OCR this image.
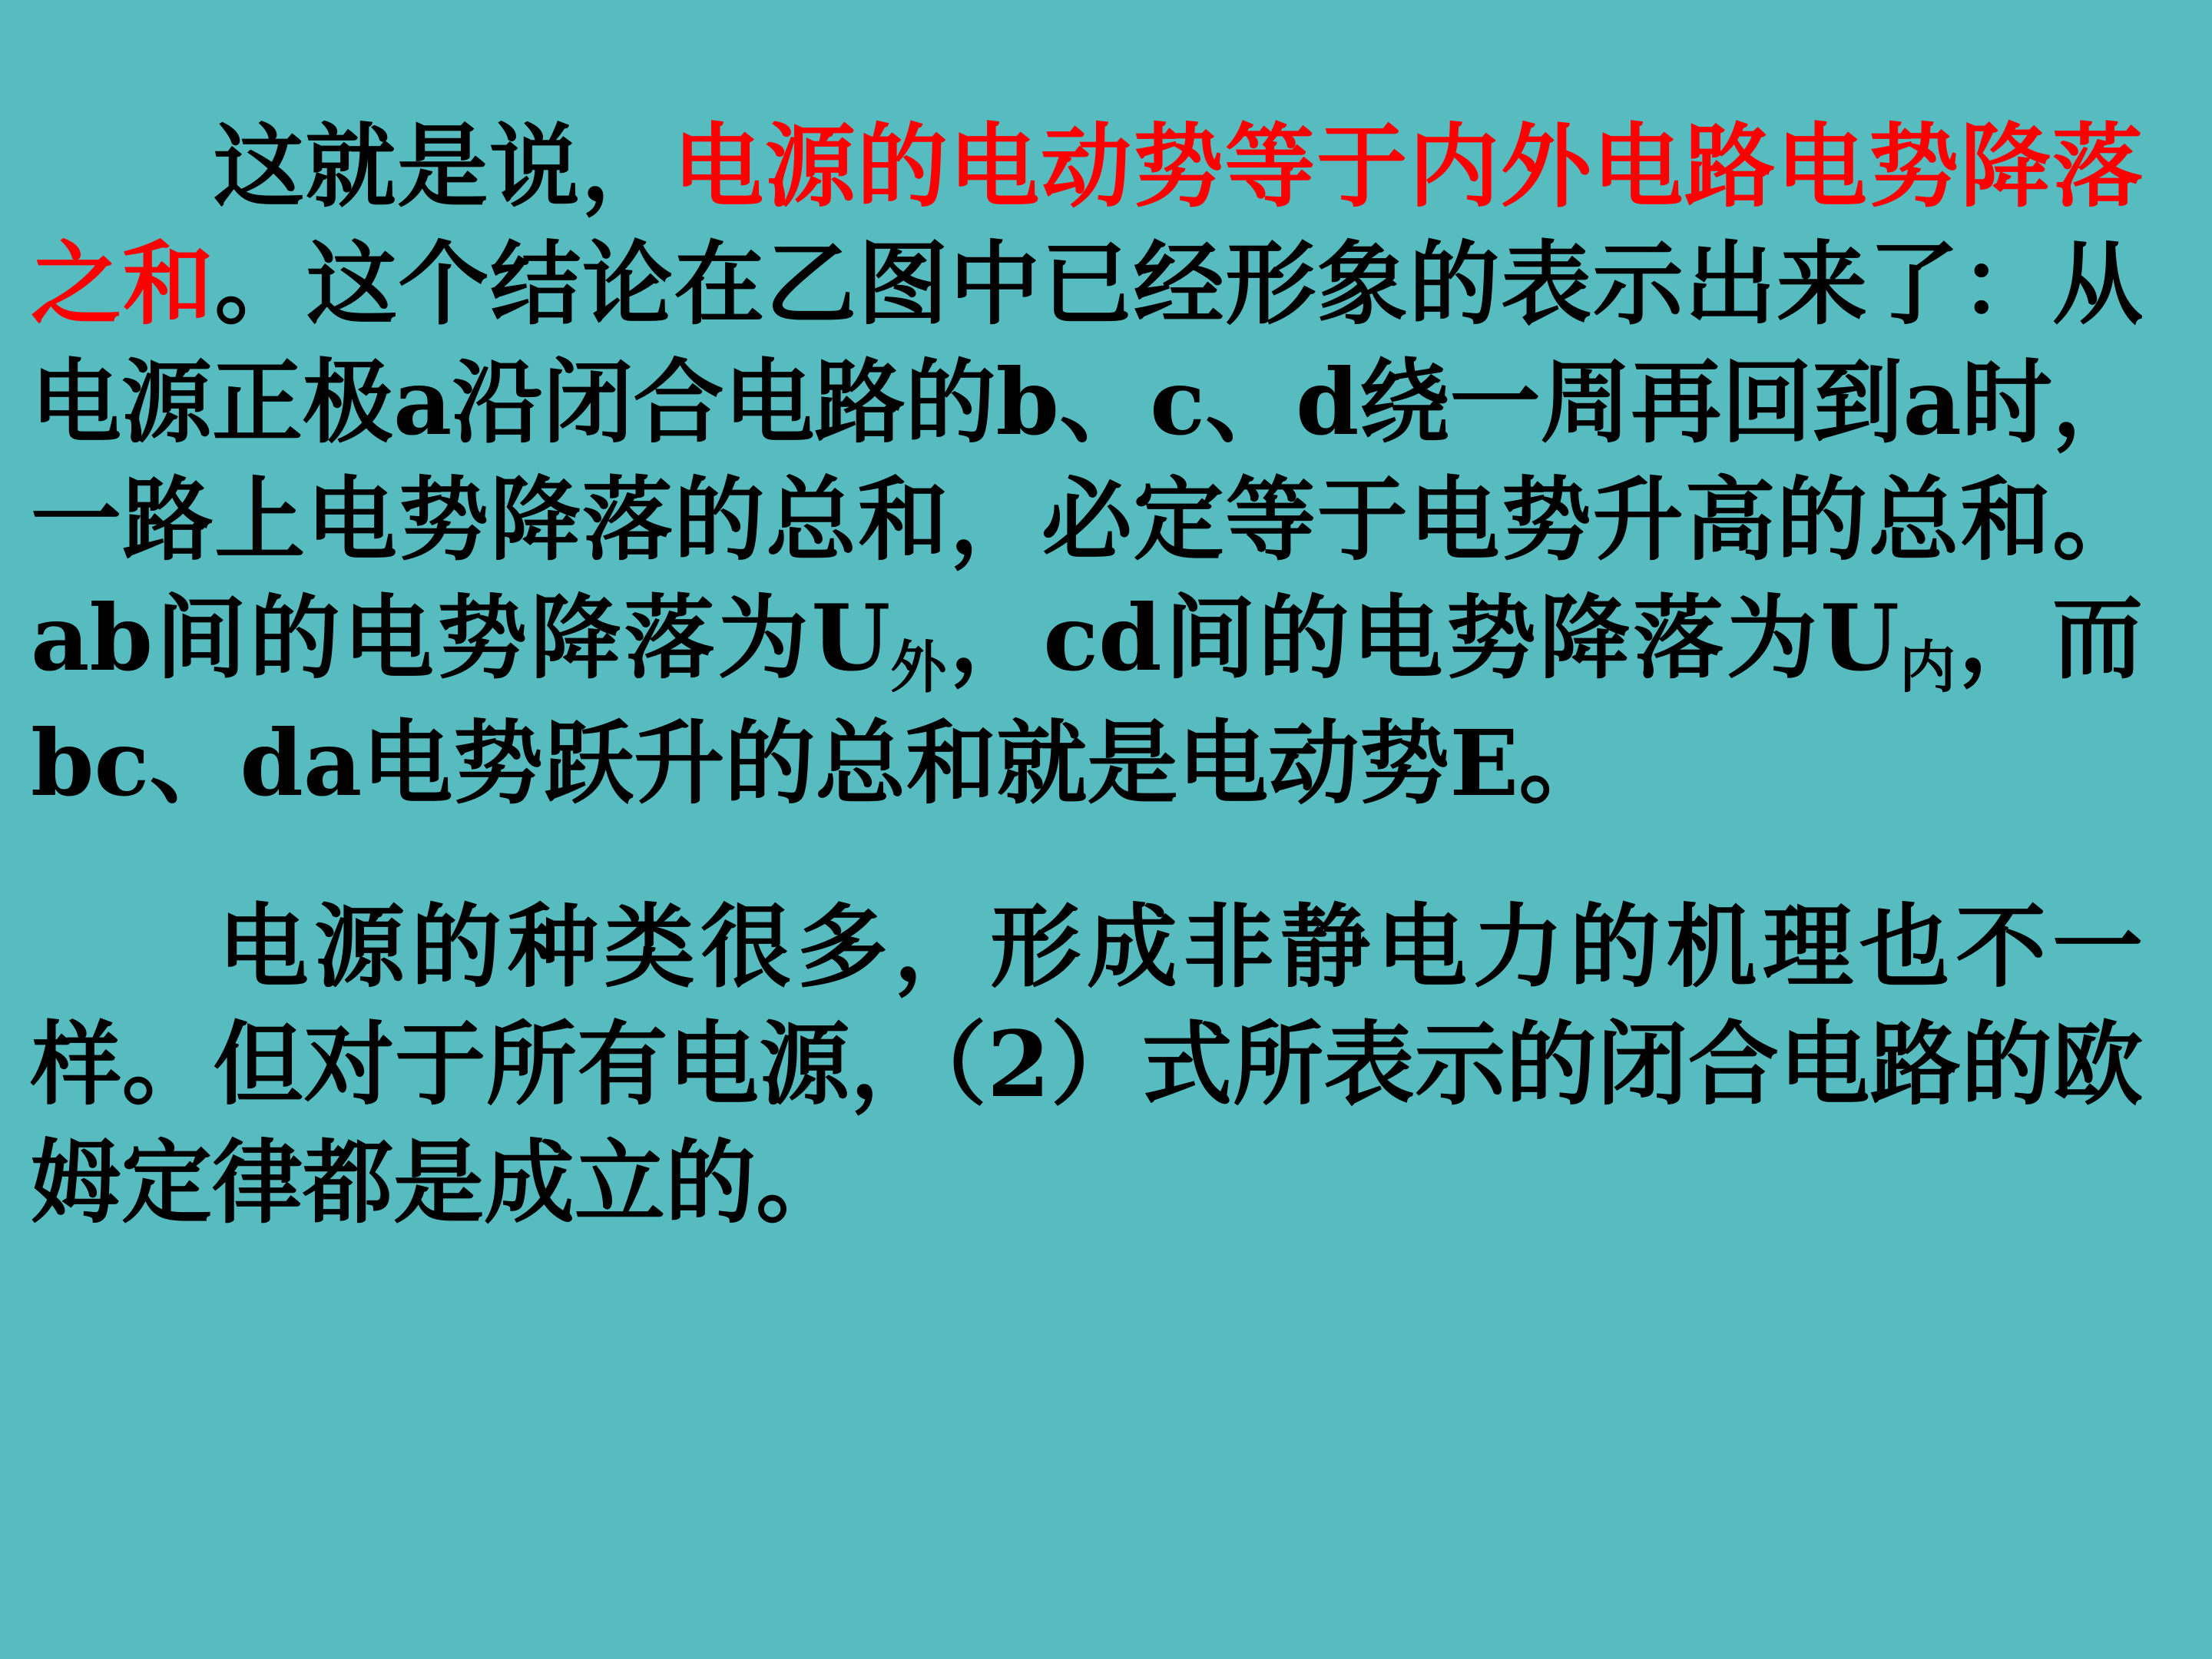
这就是说，电源的电动势等于内外电路电势降落之和。这个结论在乙图中已经形象的表示出来了：从电源正极a沿闭合电路的b、c、d绕一周再回到a时，一路上电势降落的总和，必定等于电势升高的总和。ab间的电势降落为U外，cd间的电势降落为U内，而bc、da电势跃升的总和就是电动势E。

电源的种类很多，形成非静电力的机理也不一样。但对于所有电源，（2）式所表示的闭合电路的欧姆定律都是成立的。
